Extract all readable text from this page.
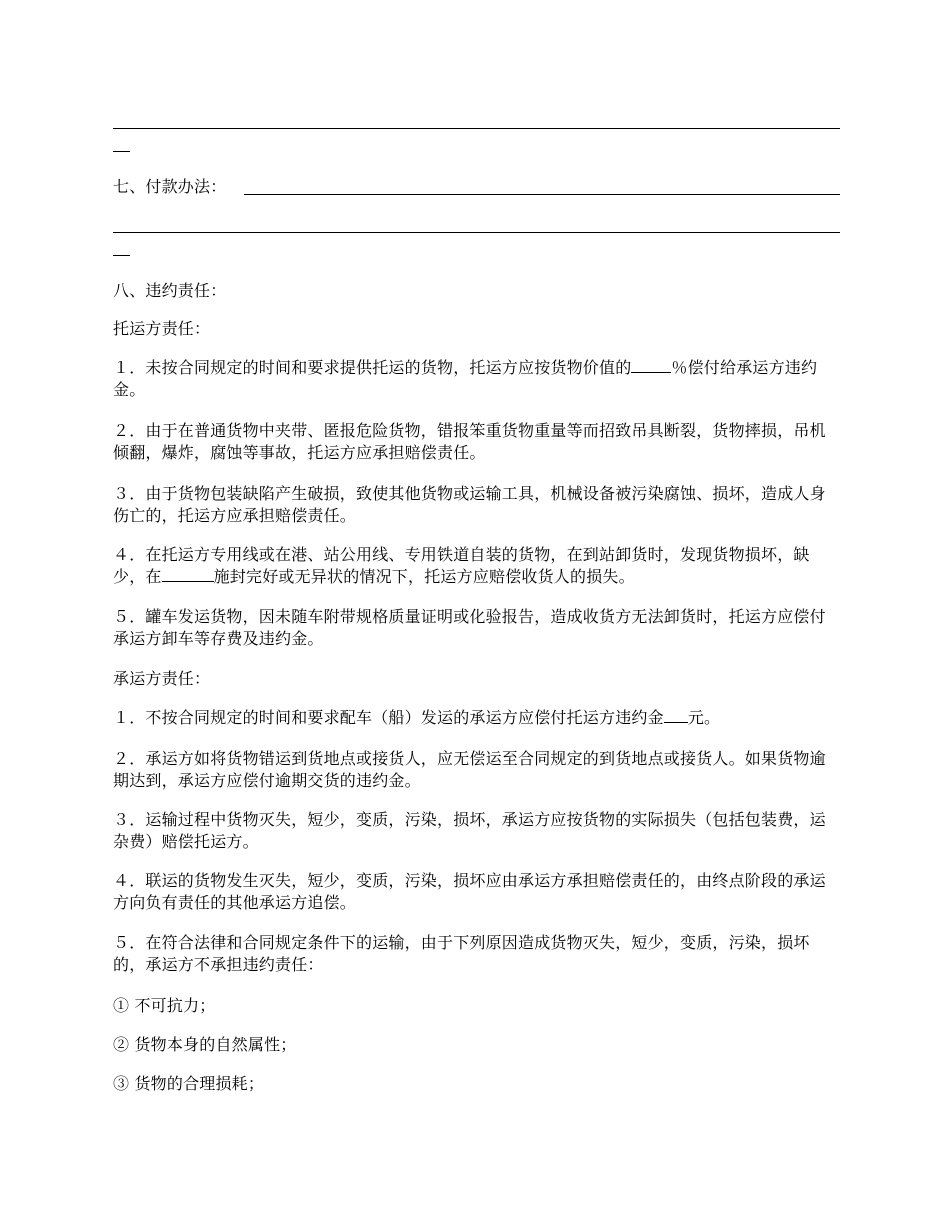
七、付款办法：
八、违约责任：
托运方责任：
１．未按合同规定的时间和要求提供托运的货物，托运方应按货物价值的	％偿付给承运方违约金。
２．由于在普通货物中夹带、匿报危险货物，错报笨重货物重量等而招致吊具断裂，货物摔损，吊机倾翻，爆炸，腐蚀等事故，托运方应承担赔偿责任。
３．由于货物包装缺陷产生破损，致使其他货物或运输工具，机械设备被污染腐蚀、损坏，造成人身伤亡的，托运方应承担赔偿责任。
４．在托运方专用线或在港、站公用线、专用铁道自装的货物，在到站卸货时，发现货物损坏，缺少，在	施封完好或无异状的情况下，托运方应赔偿收货人的损失。
５．罐车发运货物，因未随车附带规格质量证明或化验报告，造成收货方无法卸货时，托运方应偿付承运方卸车等存费及违约金。
承运方责任：
１．不按合同规定的时间和要求配车（船）发运的承运方应偿付托运方违约金 元。
２．承运方如将货物错运到货地点或接货人，应无偿运至合同规定的到货地点或接货人。如果货物逾期达到，承运方应偿付逾期交货的违约金。
３．运输过程中货物灭失，短少，变质，污染，损坏，承运方应按货物的实际损失（包括包装费，运杂费）赔偿托运方。
４．联运的货物发生灭失，短少，变质，污染，损坏应由承运方承担赔偿责任的，由终点阶段的承运方向负有责任的其他承运方追偿。
５．在符合法律和合同规定条件下的运输，由于下列原因造成货物灭失，短少，变质，污染，损坏的，承运方不承担违约责任：
① 不可抗力；
② 货物本身的自然属性；
③ 货物的合理损耗；
